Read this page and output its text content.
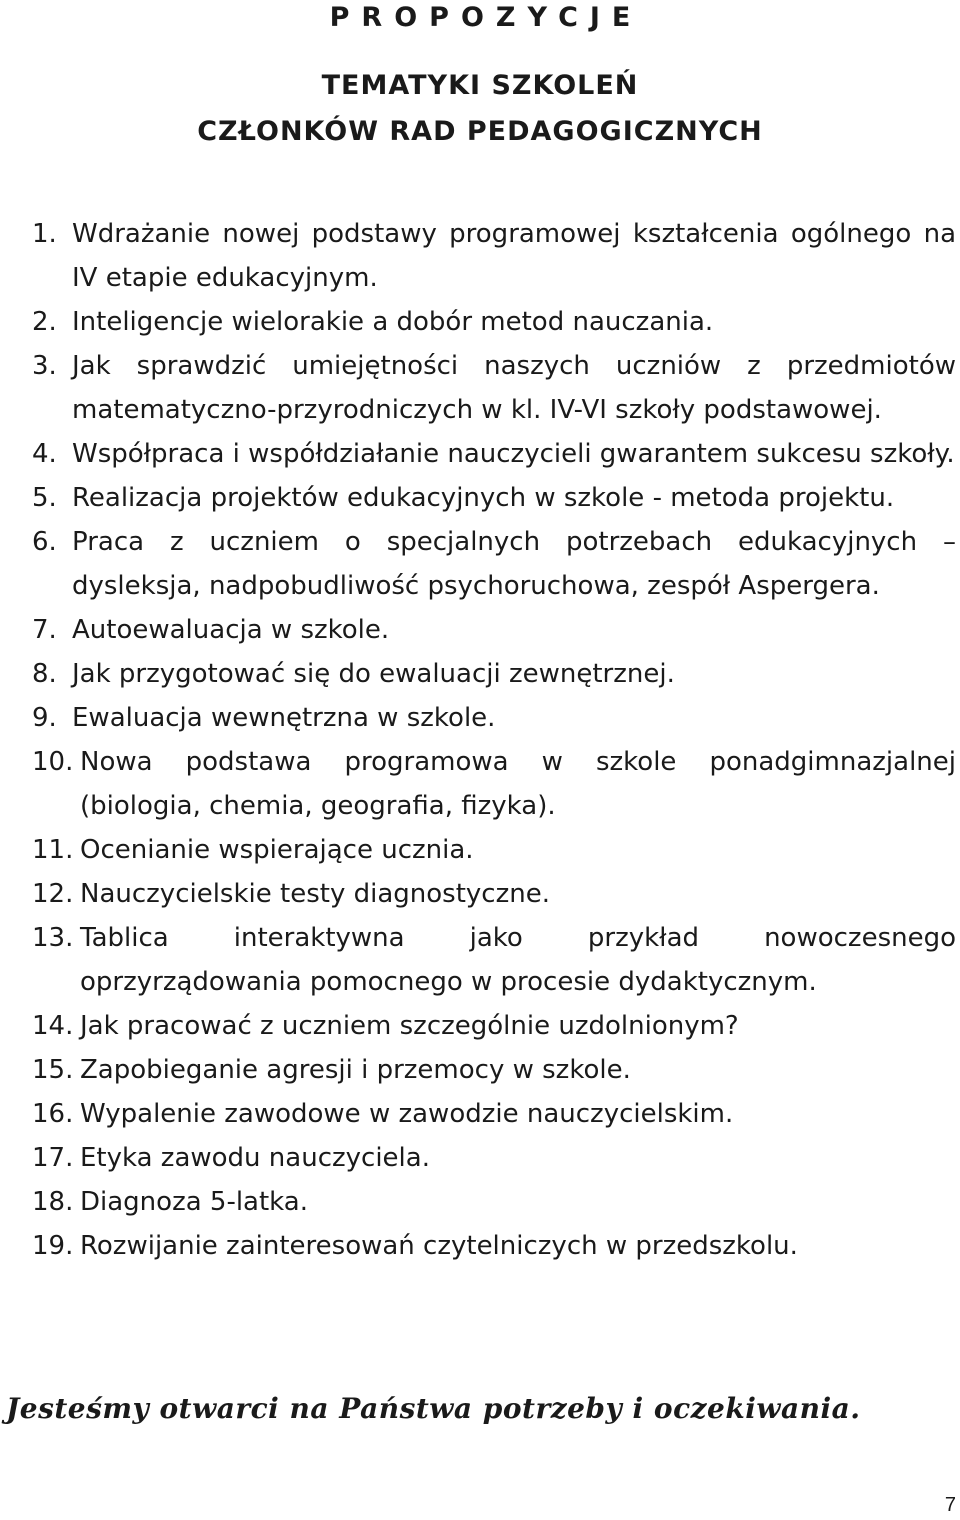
PROPOZYCJE
TEMATYKI SZKOLEŃ
CZŁONKÓW RAD PEDAGOGICZNYCH
1. Wdrażanie nowej podstawy programowej kształcenia ogólnego na IV etapie edukacyjnym.
2. Inteligencje wielorakie a dobór metod nauczania.
3. Jak sprawdzić umiejętności naszych uczniów z przedmiotów matematyczno-przyrodniczych w kl. IV-VI szkoły podstawowej.
4. Współpraca i współdziałanie nauczycieli gwarantem sukcesu szkoły.
5. Realizacja projektów edukacyjnych w szkole - metoda projektu.
6. Praca z uczniem o specjalnych potrzebach edukacyjnych – dysleksja, nadpobudliwość psychoruchowa, zespół Aspergera.
7. Autoewaluacja w szkole.
8. Jak przygotować się do ewaluacji zewnętrznej.
9. Ewaluacja wewnętrzna w szkole.
10. Nowa podstawa programowa w szkole ponadgimnazjalnej (biologia, chemia, geografia, fizyka).
11. Ocenianie wspierające ucznia.
12. Nauczycielskie testy diagnostyczne.
13. Tablica interaktywna jako przykład nowoczesnego oprzyrządowania pomocnego w procesie dydaktycznym.
14. Jak pracować z uczniem szczególnie uzdolnionym?
15. Zapobieganie agresji i przemocy w szkole.
16. Wypalenie zawodowe w zawodzie nauczycielskim.
17. Etyka zawodu nauczyciela.
18. Diagnoza 5-latka.
19. Rozwijanie zainteresowań czytelniczych w przedszkolu.
Jesteśmy otwarci na Państwa potrzeby i oczekiwania.
7
